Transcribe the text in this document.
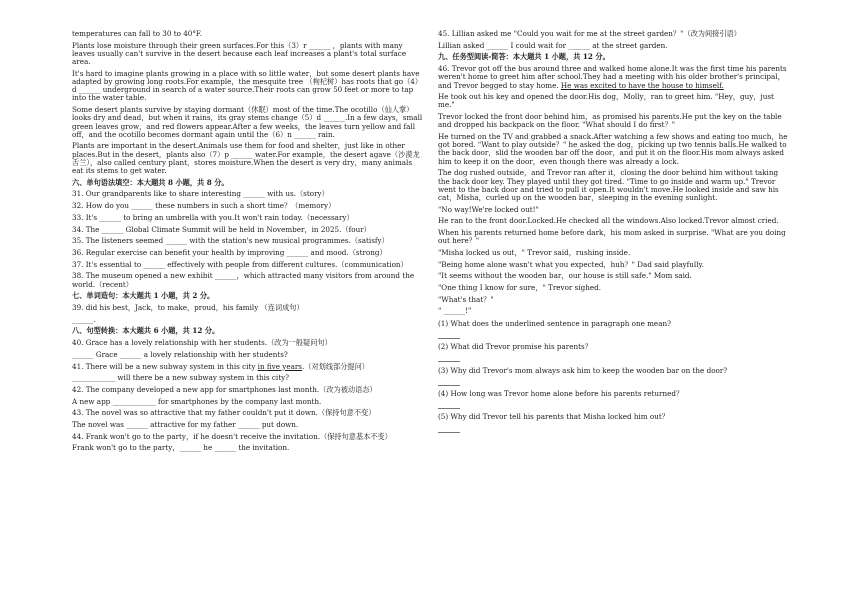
temperatures can fall to 30 to 40°F.
Plants lose moisture through their green surfaces.For this（3）r ______ ，plants with many leaves usually can't survive in the desert because each leaf increases a plant's total surface area.
It's hard to imagine plants growing in a place with so little water，but some desert plants have adapted by growing long roots.For example，the mesquite tree （枸杞树）has roots that go（4）d ______ underground in search of a water source.Their roots can grow 50 feet or more to tap into the water table.
Some desert plants survive by staying dormant（休眠）most of the time.The ocotillo（仙人掌）looks dry and dead，but when it rains，its gray stems change（5）d ______.In a few days，small green leaves grow，and red flowers appear.After a few weeks，the leaves turn yellow and fall off，and the ocotillo becomes dormant again until the（6）n ______ rain.
Plants are important in the desert.Animals use them for food and shelter，just like in other places.But in the desert，plants also（7）p ______ water.For example，the desert agave（沙漠龙舌兰），also called century plant，stores moisture.When the desert is very dry，many animals eat its stems to get water.
六、单句语法填空：本大题共 8 小题，共 8 分。
31. Our grandparents like to share interesting ______ with us.（story）
32. How do you ______ these numbers in such a short time？（memory）
33. It's ______ to bring an umbrella with you.It won't rain today.（necessary）
34. The ______ Global Climate Summit will be held in November，in 2025.（four）
35. The listeners seemed ______ with the station's new musical programmes.（satisfy）
36. Regular exercise can benefit your health by improving ______ and mood.（strong）
37. It's essential to ______ effectively with people from different cultures.（communication）
38. The museum opened a new exhibit ______，which attracted many visitors from around the world.（recent）
七、单词造句：本大题共 1 小题，共 2 分。
39. did his best，Jack，to make，proud，his family （连词成句）
______.
八、句型转换：本大题共 6 小题，共 12 分。
40. Grace has a lovely relationship with her students.（改为一般疑问句）
______ Grace ______ a lovely relationship with her students?
41. There will be a new subway system in this city in five years.（对划线部分提问）
____________ will there be a new subway system in this city?
42. The company developed a new app for smartphones last month.（改为被动语态）
A new app ____________ for smartphones by the company last month.
43. The novel was so attractive that my father couldn't put it down.（保持句意不变）
The novel was ______ attractive for my father ______ put down.
44. Frank won't go to the party，if he doesn't receive the invitation.（保持句意基本不变）
Frank won't go to the party，______ he ______ the invitation.
45. Lillian asked me "Could you wait for me at the street garden？"（改为间接引语）
Lillian asked ______ I could wait for ______ at the street garden.
九、任务型阅读-简答：本大题共 1 小题，共 12 分。
46. Trevor got off the bus around three and walked home alone.It was the first time his parents weren't home to greet him after school.They had a meeting with his older brother's principal，and Trevor begged to stay home. He was excited to have the house to himself.
He took out his key and opened the door.His dog，Molly，ran to greet him. "Hey，guy，just me."
Trevor locked the front door behind him，as promised his parents.He put the key on the table and dropped his backpack on the floor. "What should I do first？"
He turned on the TV and grabbed a snack.After watching a few shows and eating too much，he got bored. "Want to play outside？" he asked the dog，picking up two tennis balls.He walked to the back door，slid the wooden bar off the door，and put it on the floor.His mom always asked him to keep it on the door，even though there was already a lock.
The dog rushed outside，and Trevor ran after it，closing the door behind him without taking the back door key. They played until they got tired. "Time to go inside and warm up." Trevor went to the back door and tried to pull it open.It wouldn't move.He looked inside and saw his cat，Misha，curled up on the wooden bar，sleeping in the evening sunlight.
"No way!We're locked out!"
He ran to the front door.Locked.He checked all the windows.Also locked.Trevor almost cried.
When his parents returned home before dark，his mom asked in surprise. "What are you doing out here？"
"Misha locked us out，" Trevor said，rushing inside.
"Being home alone wasn't what you expected，huh？" Dad said playfully.
"It seems without the wooden bar，our house is still safe." Mom said.
"One thing I know for sure，" Trevor sighed.
"What's that？"
" ______!"
(1) What does the underlined sentence in paragraph one mean?
(2) What did Trevor promise his parents？
(3) Why did Trevor's mom always ask him to keep the wooden bar on the door?
(4) How long was Trevor home alone before his parents returned？
(5) Why did Trevor tell his parents that Misha locked him out？
